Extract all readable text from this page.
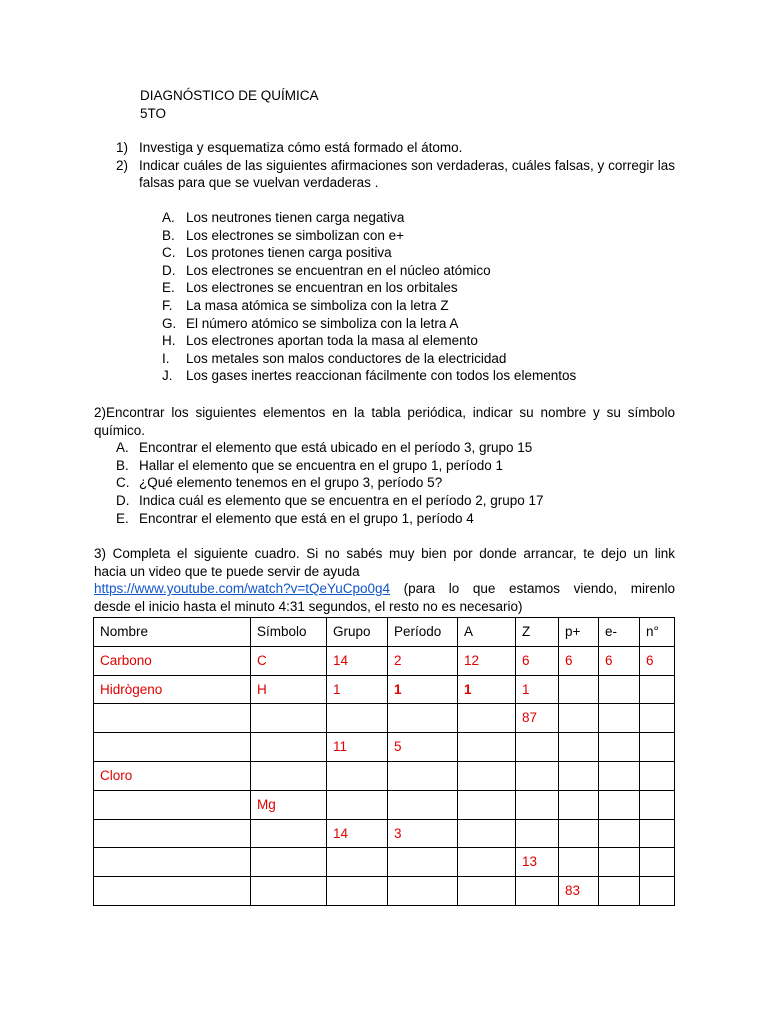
DIAGNÓSTICO DE QUÍMICA
5TO
1) Investiga y esquematiza cómo está formado el átomo.
2) Indicar cuáles de las siguientes afirmaciones son verdaderas, cuáles falsas, y corregir las falsas para que se vuelvan verdaderas .
A. Los neutrones tienen carga negativa
B. Los electrones se simbolizan con e+
C. Los protones tienen carga positiva
D. Los electrones se encuentran en el núcleo atómico
E. Los electrones se encuentran en los orbitales
F. La masa atómica se simboliza con la letra Z
G. El número atómico se simboliza con la letra A
H. Los electrones aportan toda la masa al elemento
I. Los metales son malos conductores de la electricidad
J. Los gases inertes reaccionan fácilmente con todos los elementos
2)Encontrar los siguientes elementos en la tabla periódica, indicar su nombre y su símbolo
químico.
A. Encontrar el elemento que está ubicado en el período 3, grupo 15
B. Hallar el elemento que se encuentra en el grupo 1, período 1
C. ¿Qué elemento tenemos en el grupo 3, período 5?
D. Indica cuál es elemento que se encuentra en el período 2, grupo 17
E. Encontrar el elemento que está en el grupo 1, período 4
3) Completa el siguiente cuadro. Si no sabés muy bien por donde arrancar, te dejo un link
hacia un video que te puede servir de ayuda
https://www.youtube.com/watch?v=tQeYuCpo0g4 (para lo que estamos viendo, mirenlo
desde el inicio hasta el minuto 4:31 segundos, el resto no es necesario)
Nombre	Símbolo	Grupo	Período	A	Z	p+	e-	n°
Carbono	C	14	2	12	6	6	6	6
Hidrògeno	H	1	1	1	1			
					87			
		11	5					
Cloro								
	Mg							
		14	3					
					13			
						83		
